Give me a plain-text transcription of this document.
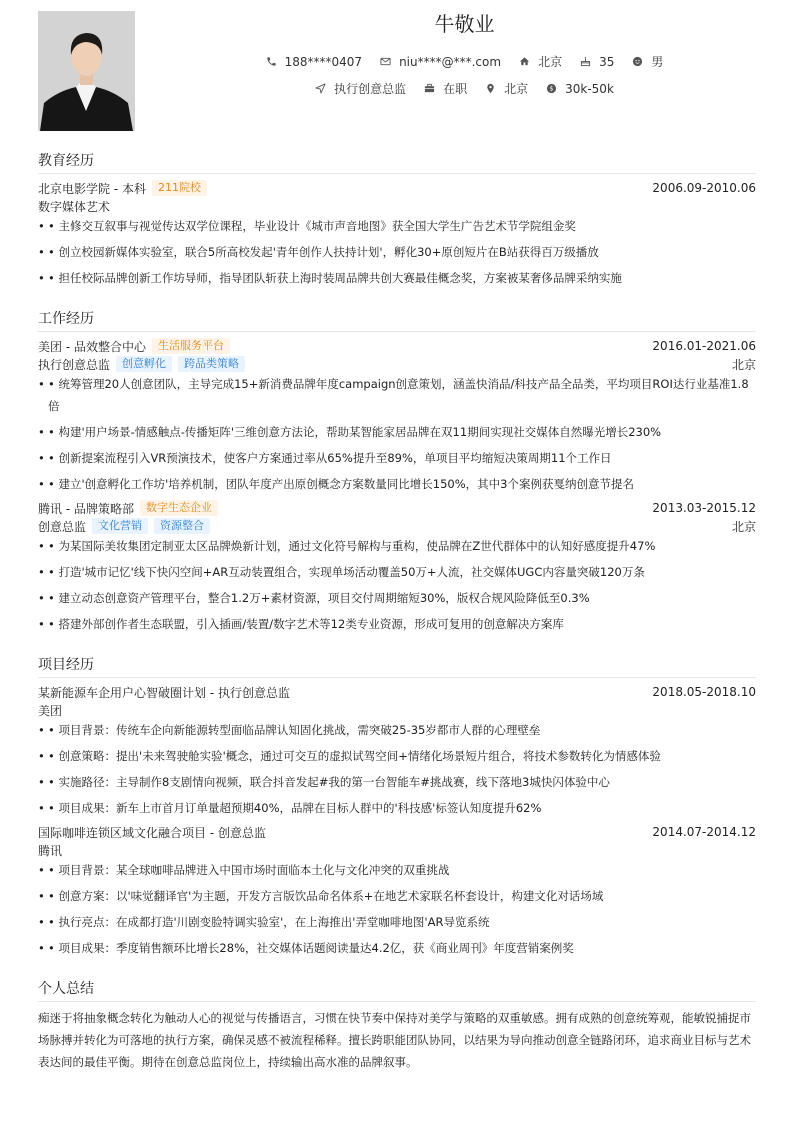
牛敬业
188****0407	niu****@***.com	北京	35	男
执行创意总监	在职	北京 $ 30k-50k
教育经历
北京电影学院 - 本科	211院校	2006.09-2010.06
数字媒体艺术
• • 主修交互叙事与视觉传达双学位课程，毕业设计《城市声音地图》获全国大学生广告艺术节学院组金奖
• • 创立校园新媒体实验室，联合5所高校发起'青年创作人扶持计划'，孵化30+原创短片在B站获得百万级播放
• • 担任校际品牌创新工作坊导师，指导团队斩获上海时装周品牌共创大赛最佳概念奖，方案被某奢侈品牌采纳实施
工作经历
美团 - 品效整合中心	生活服务平台	2016.01-2021.06
执行创意总监	创意孵化	跨品类策略	北京
• • 统筹管理20人创意团队，主导完成15+新消费品牌年度campaign创意策划，涵盖快消品/科技产品全品类，平均项目ROI达行业基准1.8倍
• • 构建'用户场景-情感触点-传播矩阵'三维创意方法论，帮助某智能家居品牌在双11期间实现社交媒体自然曝光增长230%
• • 创新提案流程引入VR预演技术，使客户方案通过率从65%提升至89%，单项目平均缩短决策周期11个工作日
• • 建立'创意孵化工作坊'培养机制，团队年度产出原创概念方案数量同比增长150%，其中3个案例获戛纳创意节提名
腾讯 - 品牌策略部	数字生态企业	2013.03-2015.12
创意总监	文化营销	资源整合	北京
• • 为某国际美妆集团定制亚太区品牌焕新计划，通过文化符号解构与重构，使品牌在Z世代群体中的认知好感度提升47%
• • 打造'城市记忆'线下快闪空间+AR互动装置组合，实现单场活动覆盖50万+人流，社交媒体UGC内容量突破120万条
• • 建立动态创意资产管理平台，整合1.2万+素材资源，项目交付周期缩短30%，版权合规风险降低至0.3%
• • 搭建外部创作者生态联盟，引入插画/装置/数字艺术等12类专业资源，形成可复用的创意解决方案库
项目经历
某新能源车企用户心智破圈计划 - 执行创意总监	2018.05-2018.10
美团
• • 项目背景：传统车企向新能源转型面临品牌认知固化挑战，需突破25-35岁都市人群的心理壁垒
• • 创意策略：提出'未来驾驶舱实验'概念，通过可交互的虚拟试驾空间+情绪化场景短片组合，将技术参数转化为情感体验
• • 实施路径：主导制作8支剧情向视频，联合抖音发起#我的第一台智能车#挑战赛，线下落地3城快闪体验中心
• • 项目成果：新车上市首月订单量超预期40%，品牌在目标人群中的'科技感'标签认知度提升62%
国际咖啡连锁区域文化融合项目 - 创意总监	2014.07-2014.12
腾讯
• • 项目背景：某全球咖啡品牌进入中国市场时面临本土化与文化冲突的双重挑战
• • 创意方案：以'味觉翻译官'为主题，开发方言版饮品命名体系+在地艺术家联名杯套设计，构建文化对话场域
• • 执行亮点：在成都打造'川剧变脸特调实验室'，在上海推出'弄堂咖啡地图'AR导览系统
• • 项目成果：季度销售额环比增长28%，社交媒体话题阅读量达4.2亿，获《商业周刊》年度营销案例奖
个人总结
痴迷于将抽象概念转化为触动人心的视觉与传播语言，习惯在快节奏中保持对美学与策略的双重敏感。拥有成熟的创意统筹观，能敏锐捕捉市场脉搏并转化为可落地的执行方案，确保灵感不被流程稀释。擅长跨职能团队协同，以结果为导向推动创意全链路闭环，追求商业目标与艺术表达间的最佳平衡。期待在创意总监岗位上，持续输出高水准的品牌叙事。
